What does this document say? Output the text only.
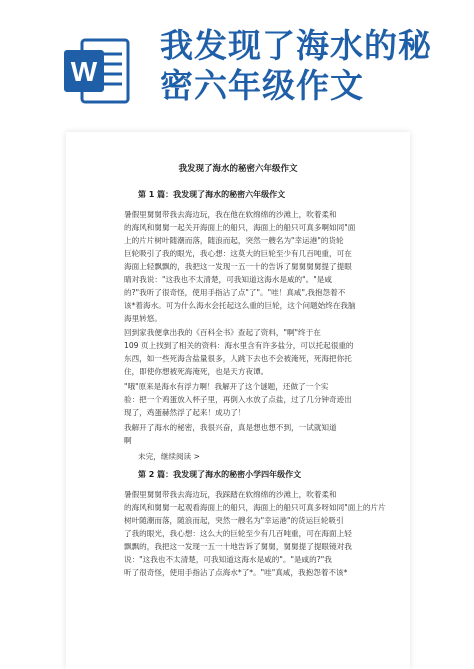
W
我发现了海水的秘
密六年级作文
我发现了海水的秘密六年级作文
第 1 篇：我发现了海水的秘密六年级作文
暑假里舅舅带我去海边玩，我在他在软绵绵的沙滩上，吹着柔和
的海风和舅舅一起关开海面上的船只，海面上的船只可真多啊如同"面
上的片片树叶随潮而落，随浪而起，突然一艘名为"幸运港"的货轮
巨轮吸引了我的眼光，我心想：这莫大的巨轮至少有几百吨重，可在
海面上轻飘飘的，我把这一发现一五一十的告诉了舅舅舅舅提了提眼
睛对我说："这我也不太清楚，可我知道这海水是咸的"。"是咸
的?"我听了很奇怪，使用手指沾了点"了"。"哇！真咸",我抱怨着不
该*着海水。可为什么海水会托起这么重的巨轮，这个问题始终在我脑
海里转悠。
回到家我便拿出我的《百科全书》查起了资料，"啊"终于在
109 页上找到了相关的资料：海水里含有许多盐分，可以托起很重的
东西，如一些死海含盐量很多，人跳下去也不会被淹死，死海把你托
住，即使你想被死海淹死，也是天方夜谭。
"哦"原来是海水有浮力啊！我解开了这个谜题，还做了一个实
验：把一个鸡蛋放入杯子里，再倒入水放了点盐，过了几分钟奇迹出
现了，鸡蛋赫然浮了起来！成功了！
我解开了海水的秘密，我很兴奋，真是想也想不到，一试就知道
啊
未完，继续阅读 >
第 2 篇：我发现了海水的秘密小学四年级作文
暑假里舅舅带我去海边玩，我踩踏在软绵绵的沙滩上，吹着柔和
的海风和舅舅一起观看海面上的船只，海面上的船只可真多呀如同"面上的片片
树叶随潮而落，随浪而起，突然一艘名为"幸运港"的货运巨轮吸引
了我的眼光，我心想：这么大的巨轮至少有几百吨重，可在海面上轻
飘飘的，我把这一发现一五一十地告诉了舅舅，舅舅提了提眼镜对我
说："这我也不太清楚，可我知道这海水是咸的"。"是咸的?"我
听了很奇怪，使用手指沾了点海水*了*。"哇"真咸，我抱怨着不该*
